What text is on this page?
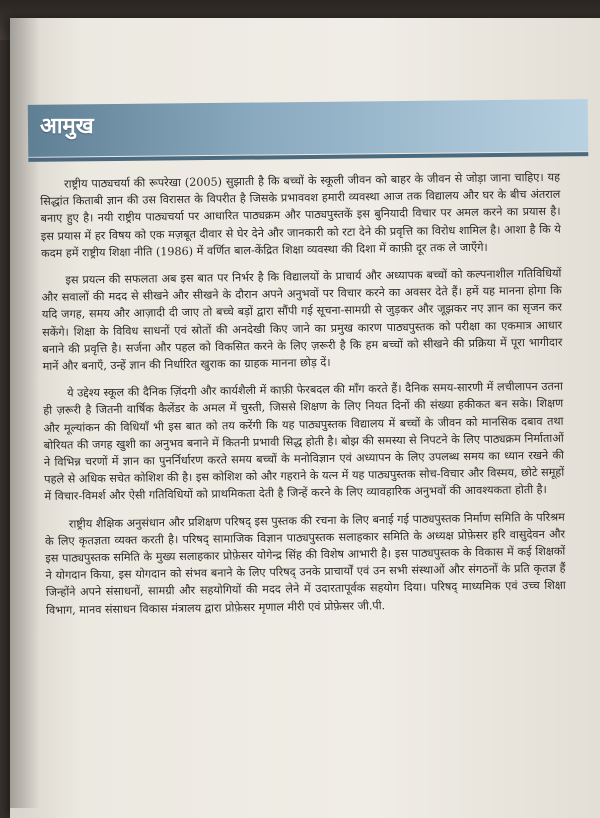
आमुख

राष्ट्रीय पाठ्यचर्या की रूपरेखा (2005) सुझाती है कि बच्चों के स्कूली जीवन को बाहर के जीवन से जोड़ा जाना चाहिए। यह सिद्धांत किताबी ज्ञान की उस विरासत के विपरीत है जिसके प्रभाववश हमारी व्यवस्था आज तक विद्यालय और घर के बीच अंतराल बनाए हुए है। नयी राष्ट्रीय पाठ्यचर्या पर आधारित पाठ्यक्रम और पाठ्यपुस्तकें इस बुनियादी विचार पर अमल करने का प्रयास है। इस प्रयास में हर विषय को एक मज़बूत दीवार से घेर देने और जानकारी को रटा देने की प्रवृत्ति का विरोध शामिल है। आशा है कि ये कदम हमें राष्ट्रीय शिक्षा नीति (1986) में वर्णित बाल-केंद्रित शिक्षा व्यवस्था की दिशा में काफ़ी दूर तक ले जाएँगे।

इस प्रयत्न की सफलता अब इस बात पर निर्भर है कि विद्यालयों के प्राचार्य और अध्यापक बच्चों को कल्पनाशील गतिविधियों और सवालों की मदद से सीखने और सीखने के दौरान अपने अनुभवों पर विचार करने का अवसर देते हैं। हमें यह मानना होगा कि यदि जगह, समय और आज़ादी दी जाए तो बच्चे बड़ों द्वारा सौंपी गई सूचना-सामग्री से जुड़कर और जूझकर नए ज्ञान का सृजन कर सकेंगे। शिक्षा के विविध साधनों एवं स्रोतों की अनदेखी किए जाने का प्रमुख कारण पाठ्यपुस्तक को परीक्षा का एकमात्र आधार बनाने की प्रवृत्ति है। सर्जना और पहल को विकसित करने के लिए ज़रूरी है कि हम बच्चों को सीखने की प्रक्रिया में पूरा भागीदार मानें और बनाएँ, उन्हें ज्ञान की निर्धारित खुराक का ग्राहक मानना छोड़ दें।

ये उद्देश्य स्कूल की दैनिक ज़िंदगी और कार्यशैली में काफ़ी फेरबदल की माँग करते हैं। दैनिक समय-सारणी में लचीलापन उतना ही ज़रूरी है जितनी वार्षिक कैलेंडर के अमल में चुस्ती, जिससे शिक्षण के लिए नियत दिनों की संख्या हकीकत बन सके। शिक्षण और मूल्यांकन की विधियाँ भी इस बात को तय करेंगी कि यह पाठ्यपुस्तक विद्यालय में बच्चों के जीवन को मानसिक दबाव तथा बोरियत की जगह खुशी का अनुभव बनाने में कितनी प्रभावी सिद्ध होती है। बोझ की समस्या से निपटने के लिए पाठ्यक्रम निर्माताओं ने विभिन्न चरणों में ज्ञान का पुनर्निर्धारण करते समय बच्चों के मनोविज्ञान एवं अध्यापन के लिए उपलब्ध समय का ध्यान रखने की पहले से अधिक सचेत कोशिश की है। इस कोशिश को और गहराने के यत्न में यह पाठ्यपुस्तक सोच-विचार और विस्मय, छोटे समूहों में विचार-विमर्श और ऐसी गतिविधियों को प्राथमिकता देती है जिन्हें करने के लिए व्यावहारिक अनुभवों की आवश्यकता होती है।

राष्ट्रीय शैक्षिक अनुसंधान और प्रशिक्षण परिषद् इस पुस्तक की रचना के लिए बनाई गई पाठ्यपुस्तक निर्माण समिति के परिश्रम के लिए कृतज्ञता व्यक्त करती है। परिषद् सामाजिक विज्ञान पाठ्यपुस्तक सलाहकार समिति के अध्यक्ष प्रोफ़ेसर हरि वासुदेवन और इस पाठ्यपुस्तक समिति के मुख्य सलाहकार प्रोफ़ेसर योगेन्द्र सिंह की विशेष आभारी है। इस पाठ्यपुस्तक के विकास में कई शिक्षकों ने योगदान किया, इस योगदान को संभव बनाने के लिए परिषद् उनके प्राचार्यों एवं उन सभी संस्थाओं और संगठनों के प्रति कृतज्ञ हैं जिन्होंने अपने संसाधनों, सामग्री और सहयोगियों की मदद लेने में उदारतापूर्वक सहयोग दिया। परिषद् माध्यमिक एवं उच्च शिक्षा विभाग, मानव संसाधन विकास मंत्रालय द्वारा प्रोफ़ेसर मृणाल मीरी एवं प्रोफ़ेसर जी.पी.
